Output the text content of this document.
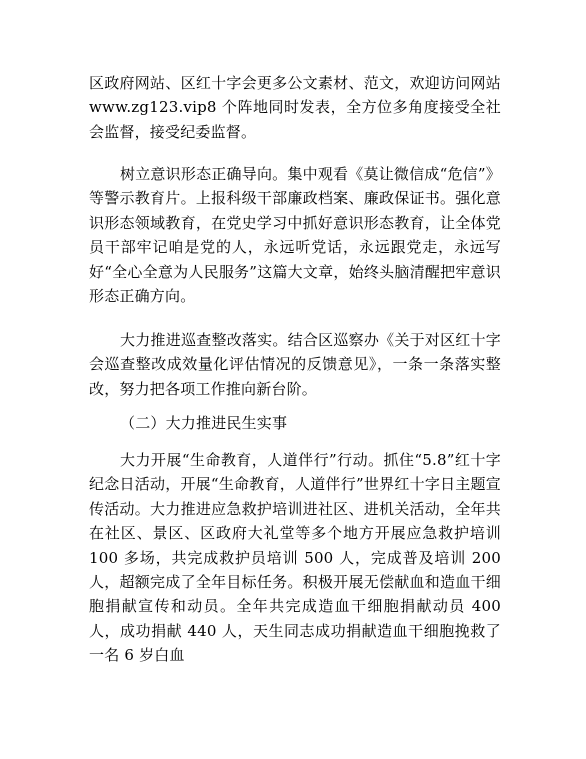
区政府网站、区红十字会更多公文素材、范文，欢迎访问网站 www.zg123.vip8 个阵地同时发表，全方位多角度接受全社会监督，接受纪委监督。

树立意识形态正确导向。集中观看《莫让微信成“危信”》等警示教育片。上报科级干部廉政档案、廉政保证书。强化意识形态领域教育，在党史学习中抓好意识形态教育，让全体党员干部牢记咱是党的人，永远听党话，永远跟党走，永远写好“全心全意为人民服务”这篇大文章，始终头脑清醒把牢意识形态正确方向。

大力推进巡查整改落实。结合区巡察办《关于对区红十字会巡查整改成效量化评估情况的反馈意见》，一条一条落实整改，努力把各项工作推向新台阶。

（二）大力推进民生实事

大力开展“生命教育，人道伴行”行动。抓住“5.8”红十字纪念日活动，开展“生命教育，人道伴行”世界红十字日主题宣传活动。大力推进应急救护培训进社区、进机关活动，全年共在社区、景区、区政府大礼堂等多个地方开展应急救护培训100 多场，共完成救护员培训 500 人，完成普及培训 200 人，超额完成了全年目标任务。积极开展无偿献血和造血干细胞捐献宣传和动员。全年共完成造血干细胞捐献动员 400 人，成功捐献 440 人，天生同志成功捐献造血干细胞挽救了一名 6 岁白血
